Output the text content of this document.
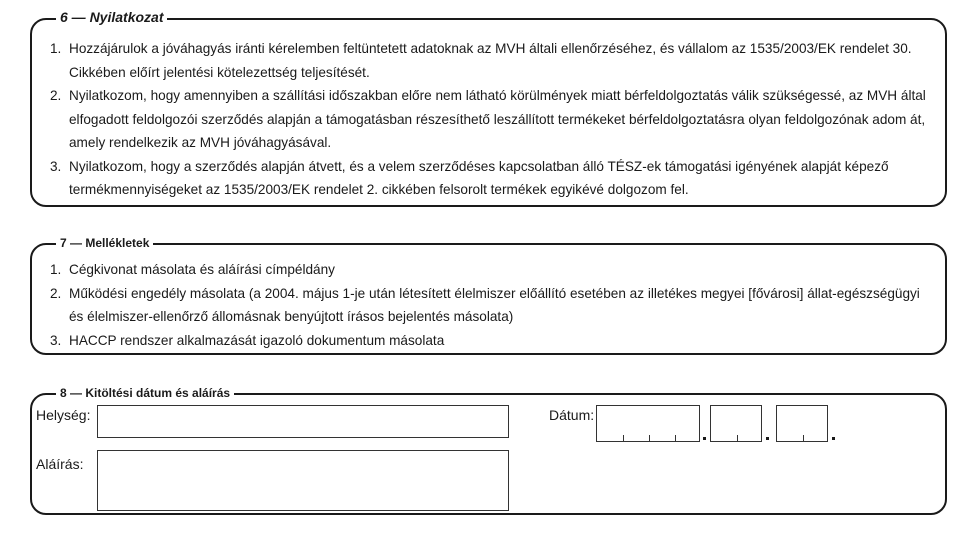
6 — Nyilatkozat
1. Hozzájárulok a jóváhagyás iránti kérelemben feltüntetett adatoknak az MVH általi ellenőrzéséhez, és vállalom az 1535/2003/EK rendelet 30. Cikkében előírt jelentési kötelezettség teljesítését.
2. Nyilatkozom, hogy amennyiben a szállítási időszakban előre nem látható körülmények miatt bérfeldolgoztatás válik szükségessé, az MVH által elfogadott feldolgozói szerződés alapján a támogatásban részesíthető leszállított termékeket bérfeldolgoztatásra olyan feldolgozónak adom át, amely rendelkezik az MVH jóváhagyásával.
3. Nyilatkozom, hogy a szerződés alapján átvett, és a velem szerződéses kapcsolatban álló TÉSZ-ek támogatási igényének alapját képező termékmennyiségeket az 1535/2003/EK rendelet 2. cikkében felsorolt termékek egyikévé dolgozom fel.
7 — Mellékletek
1. Cégkivonat másolata és aláírási címpéldány
2. Működési engedély másolata (a 2004. május 1-je után létesített élelmiszer előállító esetében az illetékes megyei [fővárosi] állat-egészségügyi és élelmiszer-ellenőrző állomásnak benyújtott írásos bejelentés másolata)
3. HACCP rendszer alkalmazását igazoló dokumentum másolata
8 — Kitöltési dátum és aláírás
Helység:	Dátum:
Aláírás:
